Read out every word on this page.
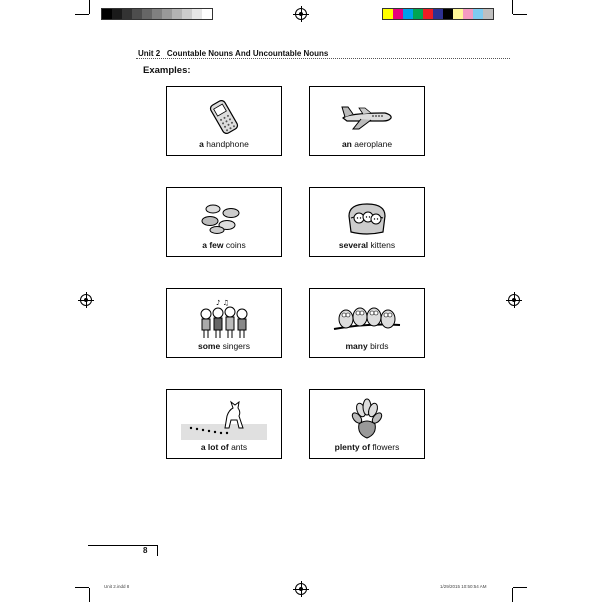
Unit 2 Countable Nouns And Uncountable Nouns
Examples:
a handphone	an aeroplane
a few coins	several kittens
♪ ♫
some singers	many birds
a lot of ants	plenty of flowers
8
Unit 2.indd 8	1/29/2015 10:50:54 AM
